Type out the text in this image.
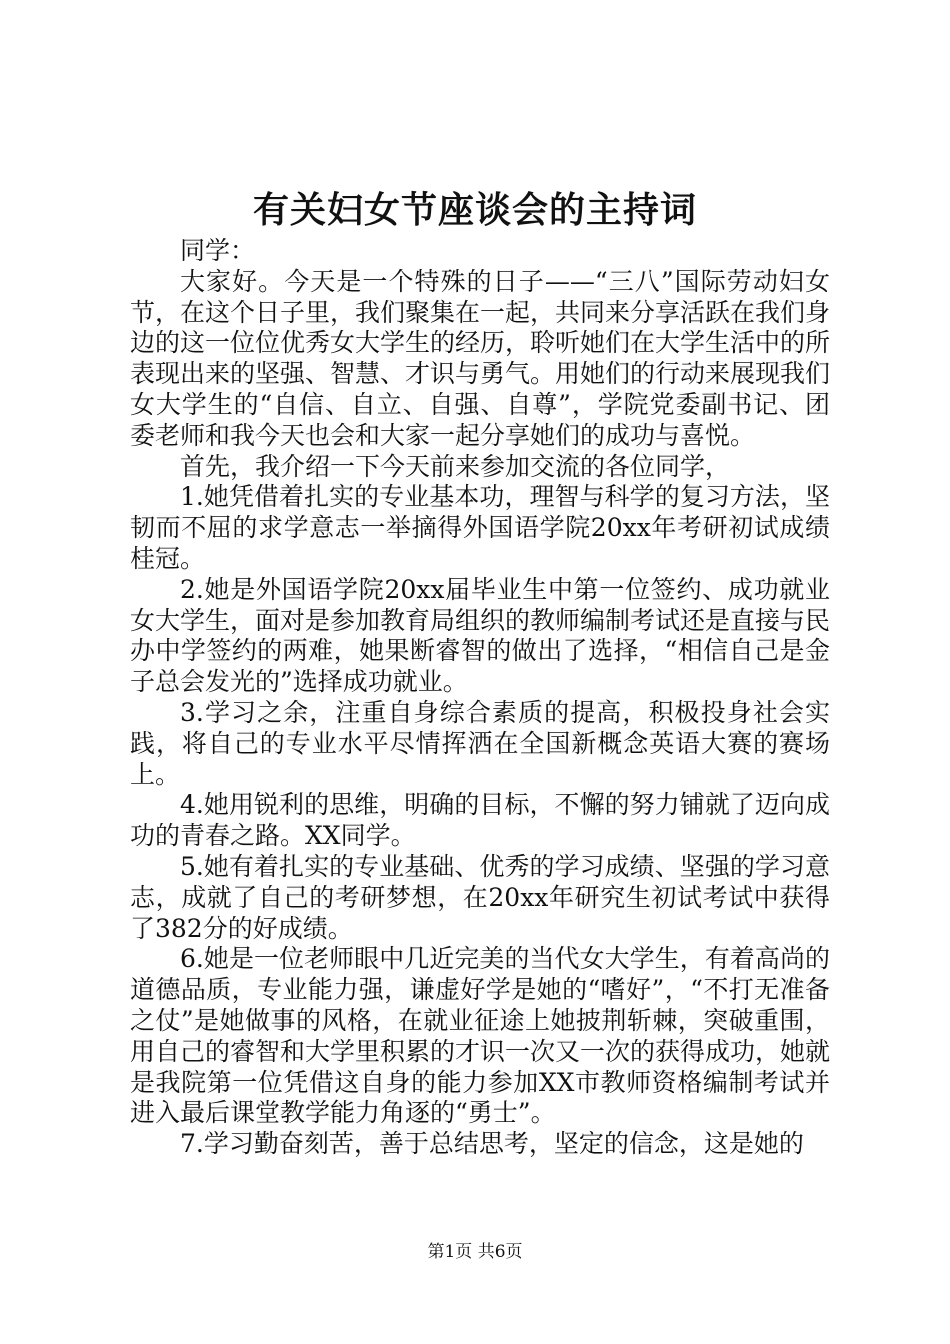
有关妇女节座谈会的主持词

同学：

大家好。今天是一个特殊的日子——“三八”国际劳动妇女节，在这个日子里，我们聚集在一起，共同来分享活跃在我们身边的这一位位优秀女大学生的经历，聆听她们在大学生活中的所表现出来的坚强、智慧、才识与勇气。用她们的行动来展现我们女大学生的“自信、自立、自强、自尊”，学院党委副书记、团委老师和我今天也会和大家一起分享她们的成功与喜悦。

首先，我介绍一下今天前来参加交流的各位同学，

1.她凭借着扎实的专业基本功，理智与科学的复习方法，坚韧而不屈的求学意志一举摘得外国语学院20xx年考研初试成绩桂冠。

2.她是外国语学院20xx届毕业生中第一位签约、成功就业女大学生，面对是参加教育局组织的教师编制考试还是直接与民办中学签约的两难，她果断睿智的做出了选择，“相信自己是金子总会发光的”选择成功就业。

3.学习之余，注重自身综合素质的提高，积极投身社会实践，将自己的专业水平尽情挥洒在全国新概念英语大赛的赛场上。

4.她用锐利的思维，明确的目标，不懈的努力铺就了迈向成功的青春之路。XX同学。

5.她有着扎实的专业基础、优秀的学习成绩、坚强的学习意志，成就了自己的考研梦想，在20xx年研究生初试考试中获得了382分的好成绩。

6.她是一位老师眼中几近完美的当代女大学生，有着高尚的道德品质，专业能力强，谦虚好学是她的“嗜好”，“不打无准备之仗”是她做事的风格，在就业征途上她披荆斩棘，突破重围，用自己的睿智和大学里积累的才识一次又一次的获得成功，她就是我院第一位凭借这自身的能力参加XX市教师资格编制考试并进入最后课堂教学能力角逐的“勇士”。

7.学习勤奋刻苦，善于总结思考，坚定的信念，这是她的

第1页 共6页
